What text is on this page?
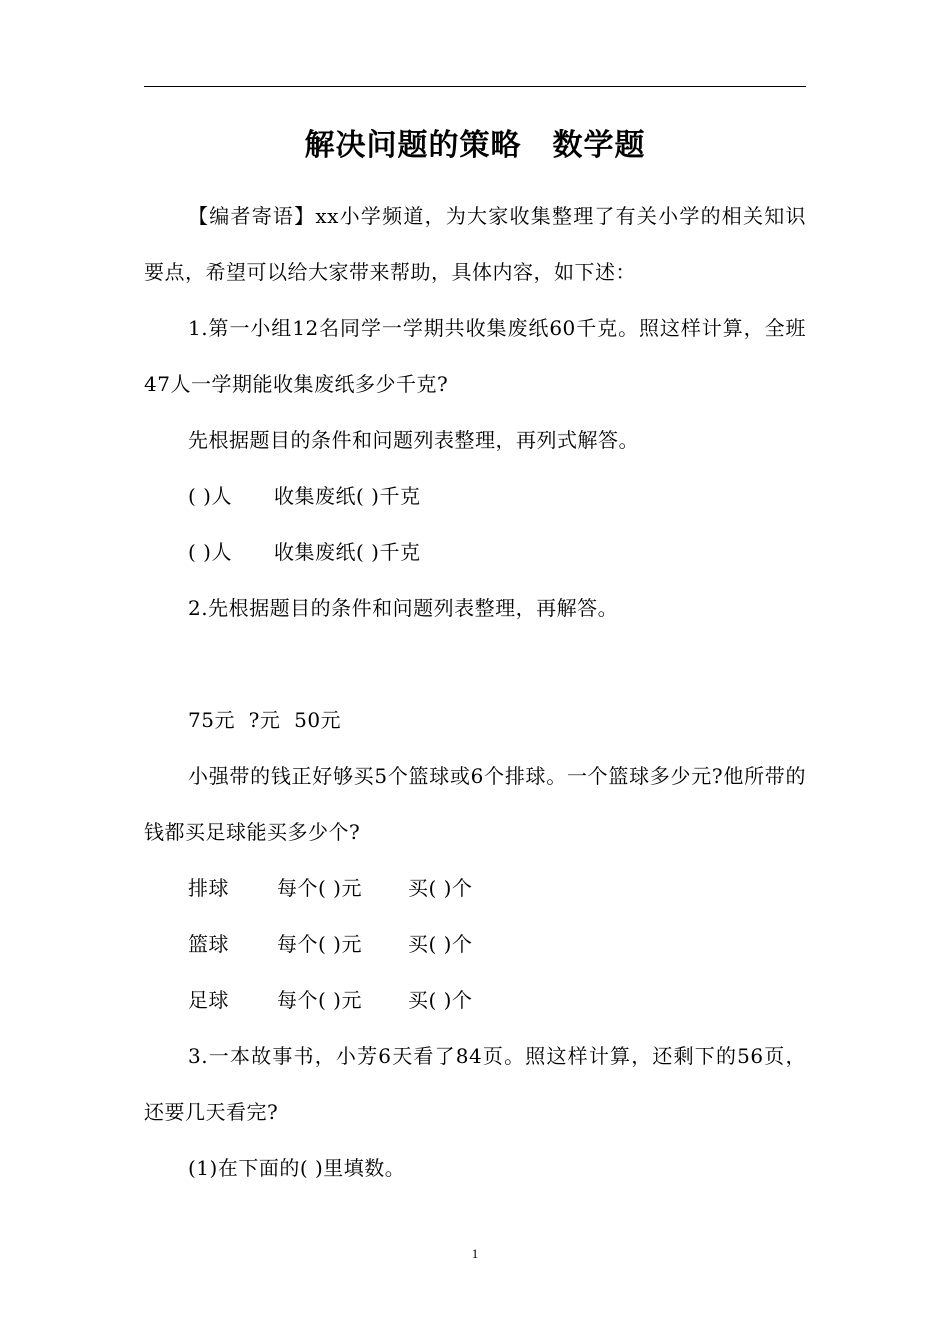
解决问题的策略　数学题

【编者寄语】xx小学频道，为大家收集整理了有关小学的相关知识要点，希望可以给大家带来帮助，具体内容，如下述：

1.第一小组12名同学一学期共收集废纸60千克。照这样计算，全班47人一学期能收集废纸多少千克?

先根据题目的条件和问题列表整理，再列式解答。

( )人 收集废纸( )千克

( )人 收集废纸( )千克

2.先根据题目的条件和问题列表整理，再解答。

75元  ?元  50元

小强带的钱正好够买5个篮球或6个排球。一个篮球多少元?他所带的钱都买足球能买多少个?

排球 每个( )元 买( )个

篮球 每个( )元 买( )个

足球 每个( )元 买( )个

3.一本故事书，小芳6天看了84页。照这样计算，还剩下的56页，还要几天看完?

(1)在下面的( )里填数。

1
